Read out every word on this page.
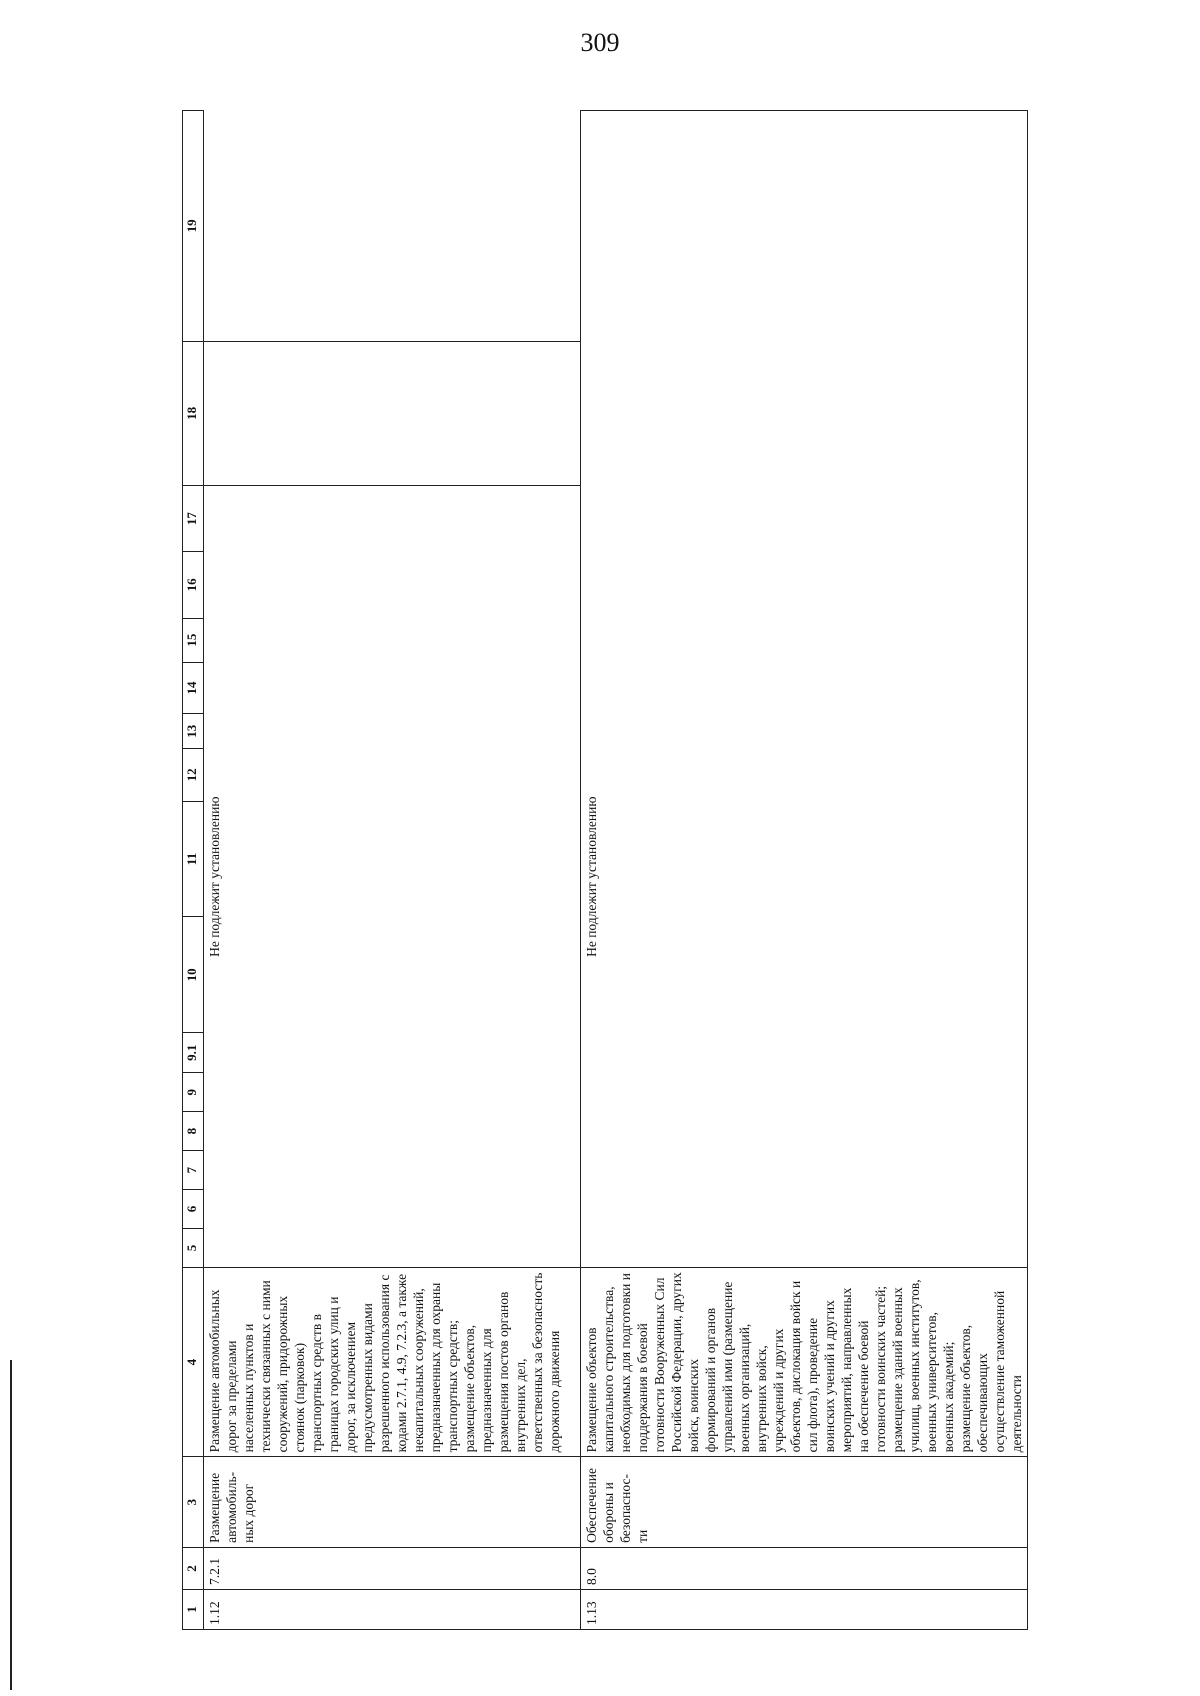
309
1	2	3	4	5	6	7	8	9	9.1	10	11	12	13	14	15	16	17	18	19
1.12	7.2.1	Размещение автомобиль-ных дорог	Размещение автомобильных дорог за пределами населенных пунктов и технически связанных с ними сооружений, придорожных стоянок (парковок) транспортных средств в границах городских улиц и дорог, за исключением предусмотренных видами разрешенного использования с кодами 2.7.1, 4.9, 7.2.3, а также некапитальных сооружений, предназначенных для охраны транспортных средств; размещение объектов, предназначенных для размещения постов органов внутренних дел, ответственных за безопасность дорожного движения	Не подлежит установлению															
1.13	8.0	Обеспечение обороны и безопаснос-ти	Размещение объектов капитального строительства, необходимых для подготовки и поддержания в боевой готовности Вооруженных Сил Российской Федерации, других войск, воинских формирований и органов управлений ими (размещение военных организаций, внутренних войск, учреждений и других объектов, дислокация войск и сил флота), проведение воинских учений и других мероприятий, направленных на обеспечение боевой готовности воинских частей; размещение зданий военных училищ, военных институтов, военных университетов, военных академий; размещение объектов, обеспечивающих осуществление таможенной деятельности	Не подлежит установлению															
